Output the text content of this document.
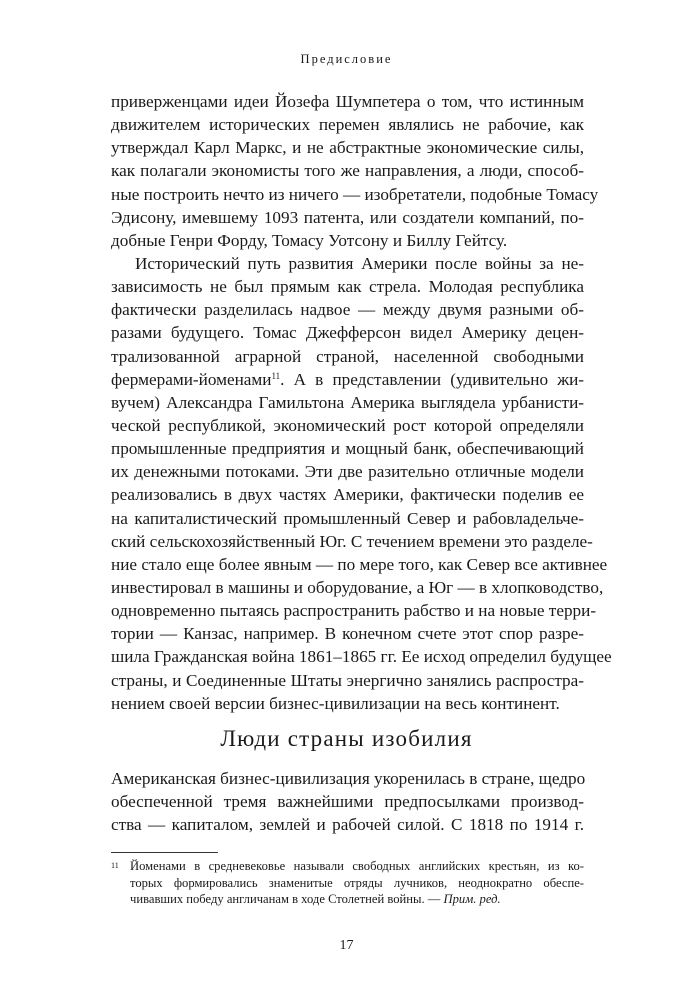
Предисловие
приверженцами идеи Йозефа Шумпетера о том, что истинным
движителем исторических перемен являлись не рабочие, как
утверждал Карл Маркс, и не абстрактные экономические силы,
как полагали экономисты того же направления, а люди, способ-
ные построить нечто из ничего — изобретатели, подобные Томасу
Эдисону, имевшему 1093 патента, или создатели компаний, по-
добные Генри Форду, Томасу Уотсону и Биллу Гейтсу.
Исторический путь развития Америки после войны за не-
зависимость не был прямым как стрела. Молодая республика
фактически разделилась надвое — между двумя разными об-
разами будущего. Томас Джефферсон видел Америку децен-
трализованной аграрной страной, населенной свободными
фермерами-йоменами$^{11}$. А в представлении (удивительно жи-
вучем) Александра Гамильтона Америка выглядела урбанисти-
ческой республикой, экономический рост которой определяли
промышленные предприятия и мощный банк, обеспечивающий
их денежными потоками. Эти две разительно отличные модели
реализовались в двух частях Америки, фактически поделив ее
на капиталистический промышленный Север и рабовладельче-
ский сельскохозяйственный Юг. С течением времени это разделе-
ние стало еще более явным — по мере того, как Север все активнее
инвестировал в машины и оборудование, а Юг — в хлопководство,
одновременно пытаясь распространить рабство и на новые терри-
тории — Канзас, например. В конечном счете этот спор разре-
шила Гражданская война 1861–1865 гг. Ее исход определил будущее
страны, и Соединенные Штаты энергично занялись распростра-
нением своей версии бизнес-цивилизации на весь континент.
Люди страны изобилия
Американская бизнес-цивилизация укоренилась в стране, щедро
обеспеченной тремя важнейшими предпосылками производ-
ства — капиталом, землей и рабочей силой. С 1818 по 1914 г.
11 Йоменами в средневековье называли свободных английских крестьян, из ко-
торых формировались знаменитые отряды лучников, неоднократно обеспе-
чивавших победу англичанам в ходе Столетней войны. — Прим. ред.
17
